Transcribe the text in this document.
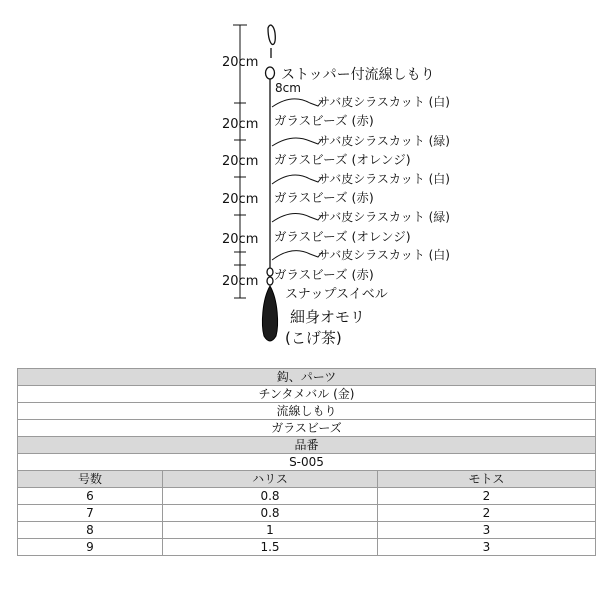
20cm
20cm
20cm
20cm
20cm
20cm
ストッパー付流線しもり
8cm
サバ皮シラスカット (白)
サバ皮シラスカット (緑)
サバ皮シラスカット (白)
サバ皮シラスカット (緑)
サバ皮シラスカット (白)
ガラスビーズ (赤)
ガラスビーズ (オレンジ)
ガラスビーズ (赤)
ガラスビーズ (オレンジ)
ガラスビーズ (赤)
スナップスイベル
細身オモリ
(こげ茶)
鈎、パーツ		
チンタメバル (金)		
流線しもり		
ガラスビーズ		
品番		
S-005		
号数	ハリス	モトス
6	0.8	2
7	0.8	2
8	1	3
9	1.5	3
